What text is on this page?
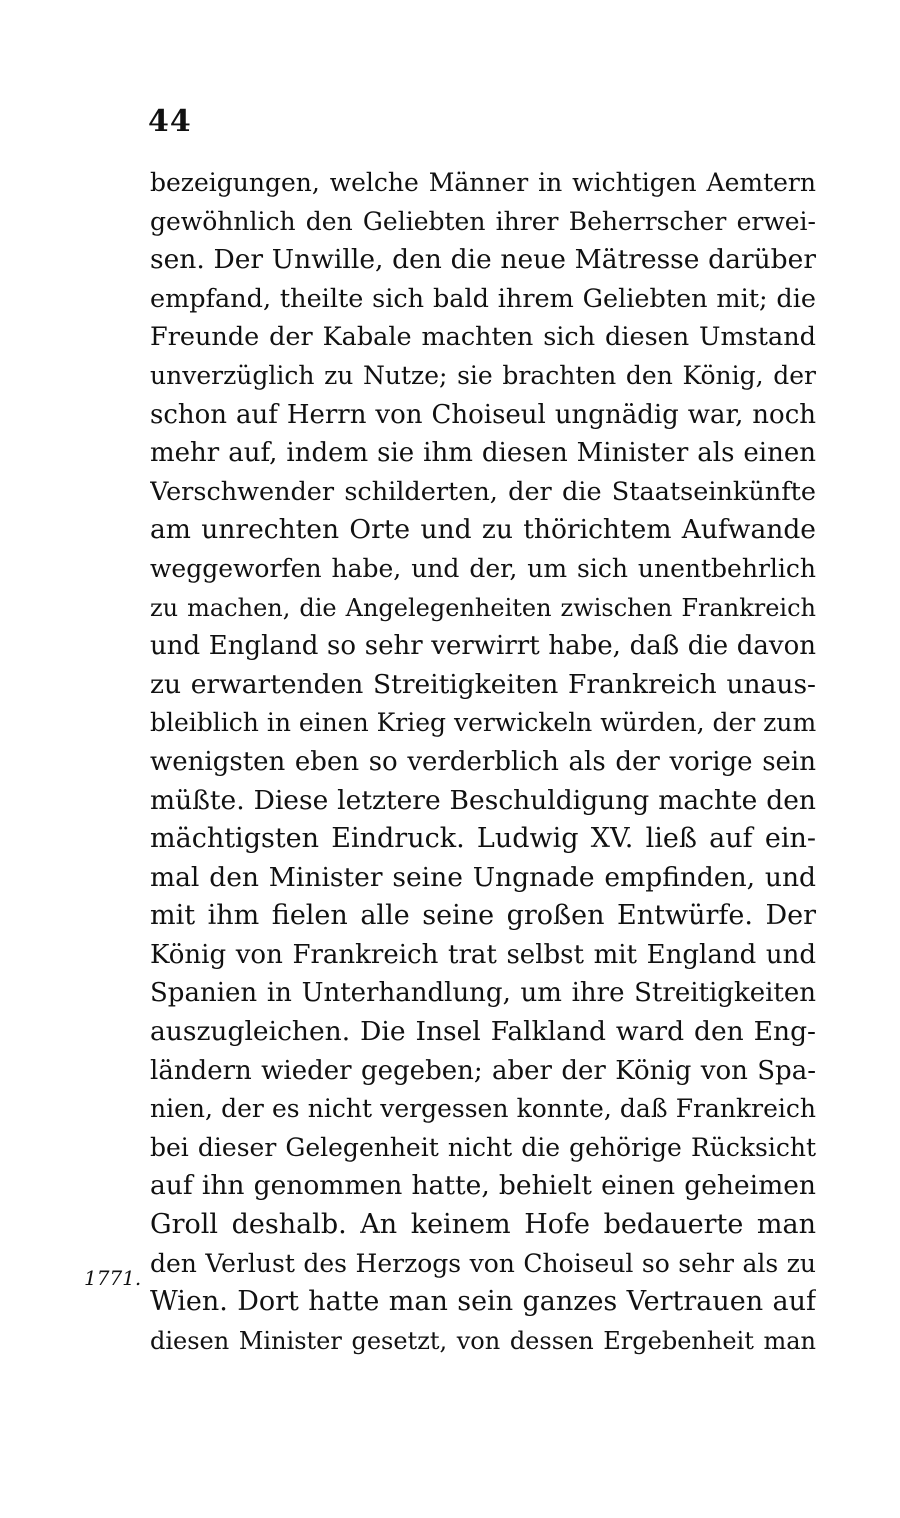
44
bezeigungen, welche Männer in wichtigen Aemtern
gewöhnlich den Geliebten ihrer Beherrscher erwei-
sen. Der Unwille, den die neue Mätresse darüber
empfand, theilte sich bald ihrem Geliebten mit; die
Freunde der Kabale machten sich diesen Umstand
unverzüglich zu Nutze; sie brachten den König, der
schon auf Herrn von Choiseul ungnädig war, noch
mehr auf, indem sie ihm diesen Minister als einen
Verschwender schilderten, der die Staatseinkünfte
am unrechten Orte und zu thörichtem Aufwande
weggeworfen habe, und der, um sich unentbehrlich
zu machen, die Angelegenheiten zwischen Frankreich
und England so sehr verwirrt habe, daß die davon
zu erwartenden Streitigkeiten Frankreich unaus-
bleiblich in einen Krieg verwickeln würden, der zum
wenigsten eben so verderblich als der vorige sein
müßte. Diese letztere Beschuldigung machte den
mächtigsten Eindruck. Ludwig XV. ließ auf ein-
mal den Minister seine Ungnade empfinden, und
mit ihm fielen alle seine großen Entwürfe. Der
König von Frankreich trat selbst mit England und
Spanien in Unterhandlung, um ihre Streitigkeiten
auszugleichen. Die Insel Falkland ward den Eng-
ländern wieder gegeben; aber der König von Spa-
nien, der es nicht vergessen konnte, daß Frankreich
bei dieser Gelegenheit nicht die gehörige Rücksicht
auf ihn genommen hatte, behielt einen geheimen
Groll deshalb. An keinem Hofe bedauerte man
den Verlust des Herzogs von Choiseul so sehr als zu
Wien. Dort hatte man sein ganzes Vertrauen auf
diesen Minister gesetzt, von dessen Ergebenheit man
1771.
